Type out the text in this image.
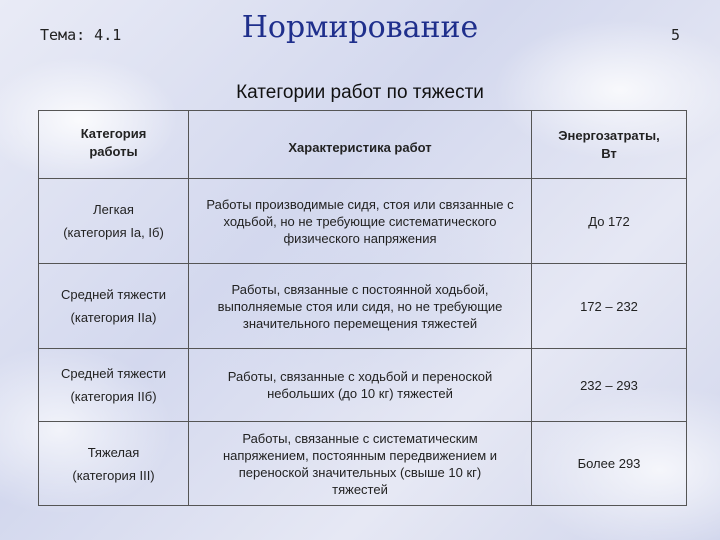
Тема: 4.1	Нормирование	5
Категории работ по тяжести
Категория работы	Характеристика работ	Энергозатраты, Вт

Легкая
(категория Iа, Iб)	Работы производимые сидя, стоя или связанные с ходьбой, но не требующие систематического физического напряжения	До 172

Средней тяжести
(категория IIа)	Работы, связанные с постоянной ходьбой, выполняемые стоя или сидя, но не требующие значительного перемещения тяжестей	172 – 232

Средней тяжести
(категория IIб)	Работы, связанные с ходьбой и переноской небольших (до 10 кг) тяжестей	232 – 293

Тяжелая
(категория III)	Работы, связанные с систематическим напряжением, постоянным передвижением и переноской значительных (свыше 10 кг) тяжестей	Более 293
